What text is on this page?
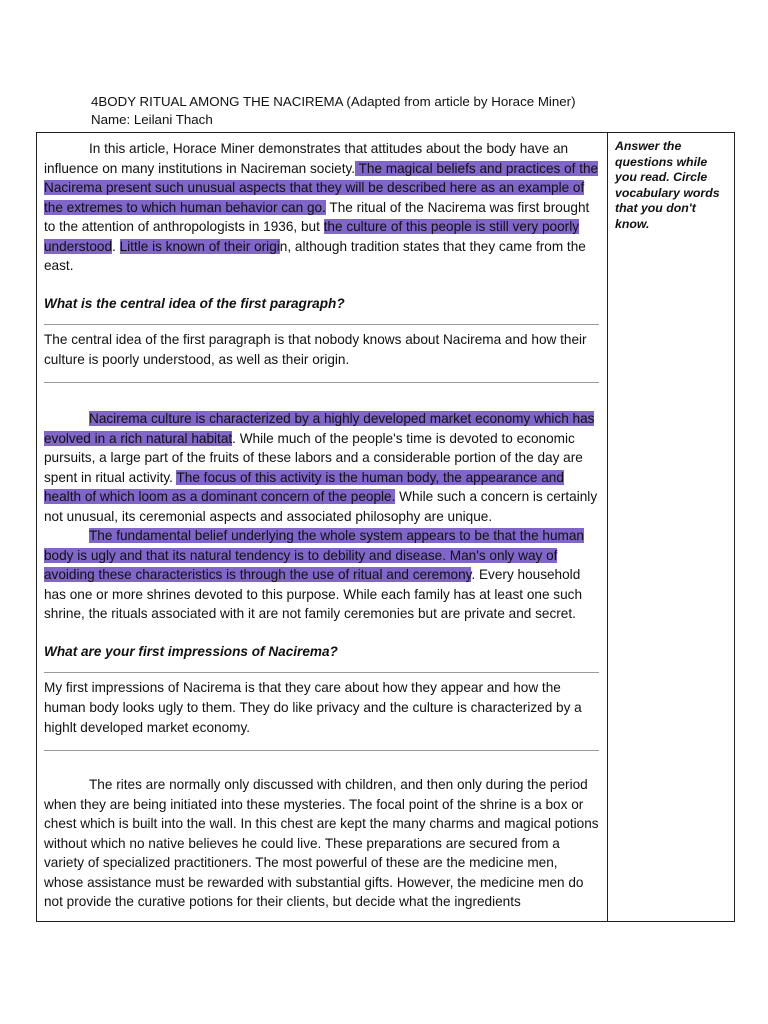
4BODY RITUAL AMONG THE NACIREMA (Adapted from article by Horace Miner)
Name: Leilani Thach

In this article, Horace Miner demonstrates that attitudes about the body have an influence on many institutions in Nacireman society. The magical beliefs and practices of the Nacirema present such unusual aspects that they will be described here as an example of the extremes to which human behavior can go. The ritual of the Nacirema was first brought to the attention of anthropologists in 1936, but the culture of this people is still very poorly understood. Little is known of their origin, although tradition states that they came from the east.

What is the central idea of the first paragraph?

The central idea of the first paragraph is that nobody knows about Nacirema and how their culture is poorly understood, as well as their origin.

Nacirema culture is characterized by a highly developed market economy which has evolved in a rich natural habitat. While much of the people's time is devoted to economic pursuits, a large part of the fruits of these labors and a considerable portion of the day are spent in ritual activity. The focus of this activity is the human body, the appearance and health of which loom as a dominant concern of the people. While such a concern is certainly not unusual, its ceremonial aspects and associated philosophy are unique.

The fundamental belief underlying the whole system appears to be that the human body is ugly and that its natural tendency is to debility and disease. Man's only way of avoiding these characteristics is through the use of ritual and ceremony. Every household has one or more shrines devoted to this purpose. While each family has at least one such shrine, the rituals associated with it are not family ceremonies but are private and secret.

What are your first impressions of Nacirema?

My first impressions of Nacirema is that they care about how they appear and how the human body looks ugly to them. They do like privacy and the culture is characterized by a highlt developed market economy.

The rites are normally only discussed with children, and then only during the period when they are being initiated into these mysteries. The focal point of the shrine is a box or chest which is built into the wall. In this chest are kept the many charms and magical potions without which no native believes he could live. These preparations are secured from a variety of specialized practitioners. The most powerful of these are the medicine men, whose assistance must be rewarded with substantial gifts. However, the medicine men do not provide the curative potions for their clients, but decide what the ingredients

Answer the questions while you read. Circle vocabulary words that you don't know.
